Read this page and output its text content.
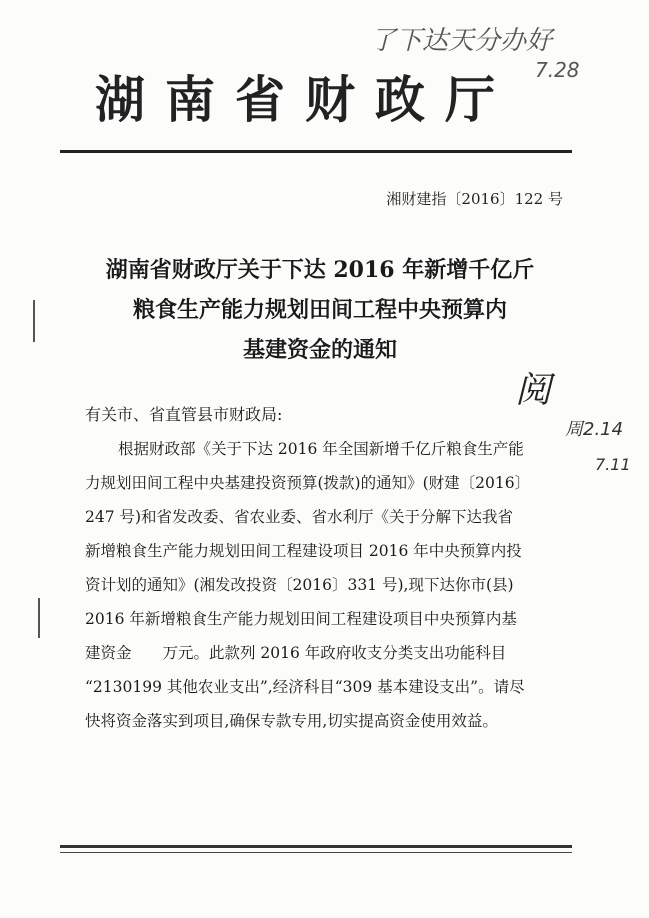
了下达天分办好
7.28
湖南省财政厅
湘财建指〔2016〕122 号
湖南省财政厅关于下达 2016 年新增千亿斤
粮食生产能力规划田间工程中央预算内
基建资金的通知
阅
周2.14
7.11
有关市、省直管县市财政局:
根据财政部《关于下达 2016 年全国新增千亿斤粮食生产能
力规划田间工程中央基建投资预算(拨款)的通知》(财建〔2016〕
247 号)和省发改委、省农业委、省水利厅《关于分解下达我省
新增粮食生产能力规划田间工程建设项目 2016 年中央预算内投
资计划的通知》(湘发改投资〔2016〕331 号),现下达你市(县)
2016 年新增粮食生产能力规划田间工程建设项目中央预算内基
建资金　　万元。此款列 2016 年政府收支分类支出功能科目
“2130199 其他农业支出”,经济科目“309 基本建设支出”。请尽
快将资金落实到项目,确保专款专用,切实提高资金使用效益。
